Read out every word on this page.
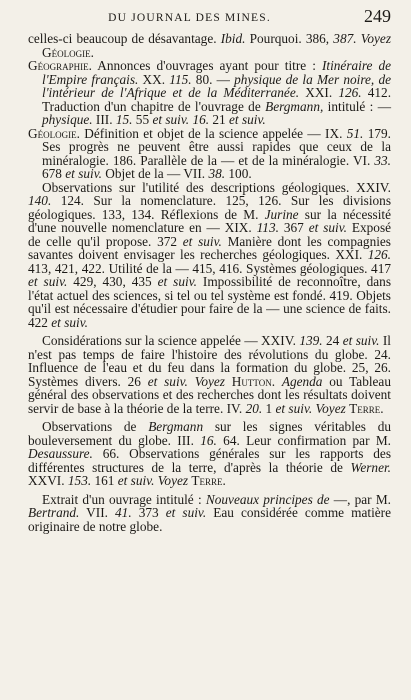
DU JOURNAL DES MINES.	249

celles-ci beaucoup de désavantage. Ibid. Pourquoi. 386, 387. Voyez Géologie.

Géographie. Annonces d'ouvrages ayant pour titre : Itinéraire de l'Empire français. XX. 115. 80. — physique de la Mer noire, de l'intérieur de l'Afrique et de la Méditerranée. XXI. 126. 412. Traduction d'un chapitre de l'ouvrage de Bergmann, intitulé : — physique. III. 15. 55 et suiv. 16. 21 et suiv.

Géologie. Définition et objet de la science appelée — IX. 51. 179. Ses progrès ne peuvent être aussi rapides que ceux de la minéralogie. 186. Parallèle de la — et de la minéralogie. VI. 33. 678 et suiv. Objet de la — VII. 38. 100.

Observations sur l'utilité des descriptions géologiques. XXIV. 140. 124. Sur la nomenclature. 125, 126. Sur les divisions géologiques. 133, 134. Réflexions de M. Jurine sur la nécessité d'une nouvelle nomenclature en — XIX. 113. 367 et suiv. Exposé de celle qu'il propose. 372 et suiv. Manière dont les compagnies savantes doivent envisager les recherches géologiques. XXI. 126. 413, 421, 422. Utilité de la — 415, 416. Systèmes géologiques. 417 et suiv. 429, 430, 435 et suiv. Impossibilité de reconnoître, dans l'état actuel des sciences, si tel ou tel système est fondé. 419. Objets qu'il est nécessaire d'étudier pour faire de la — une science de faits. 422 et suiv.

Considérations sur la science appelée — XXIV. 139. 24 et suiv. Il n'est pas temps de faire l'histoire des révolutions du globe. 24. Influence de l'eau et du feu dans la formation du globe. 25, 26. Systèmes divers. 26 et suiv. Voyez Hutton. Agenda ou Tableau général des observations et des recherches dont les résultats doivent servir de base à la théorie de la terre. IV. 20. 1 et suiv. Voyez Terre.

Observations de Bergmann sur les signes véritables du bouleversement du globe. III. 16. 64. Leur confirmation par M. Desaussure. 66. Observations générales sur les rapports des différentes structures de la terre, d'après la théorie de Werner. XXVI. 153. 161 et suiv. Voyez Terre.

Extrait d'un ouvrage intitulé : Nouveaux principes de —, par M. Bertrand. VII. 41. 373 et suiv. Eau considérée comme matière originaire de notre globe.
